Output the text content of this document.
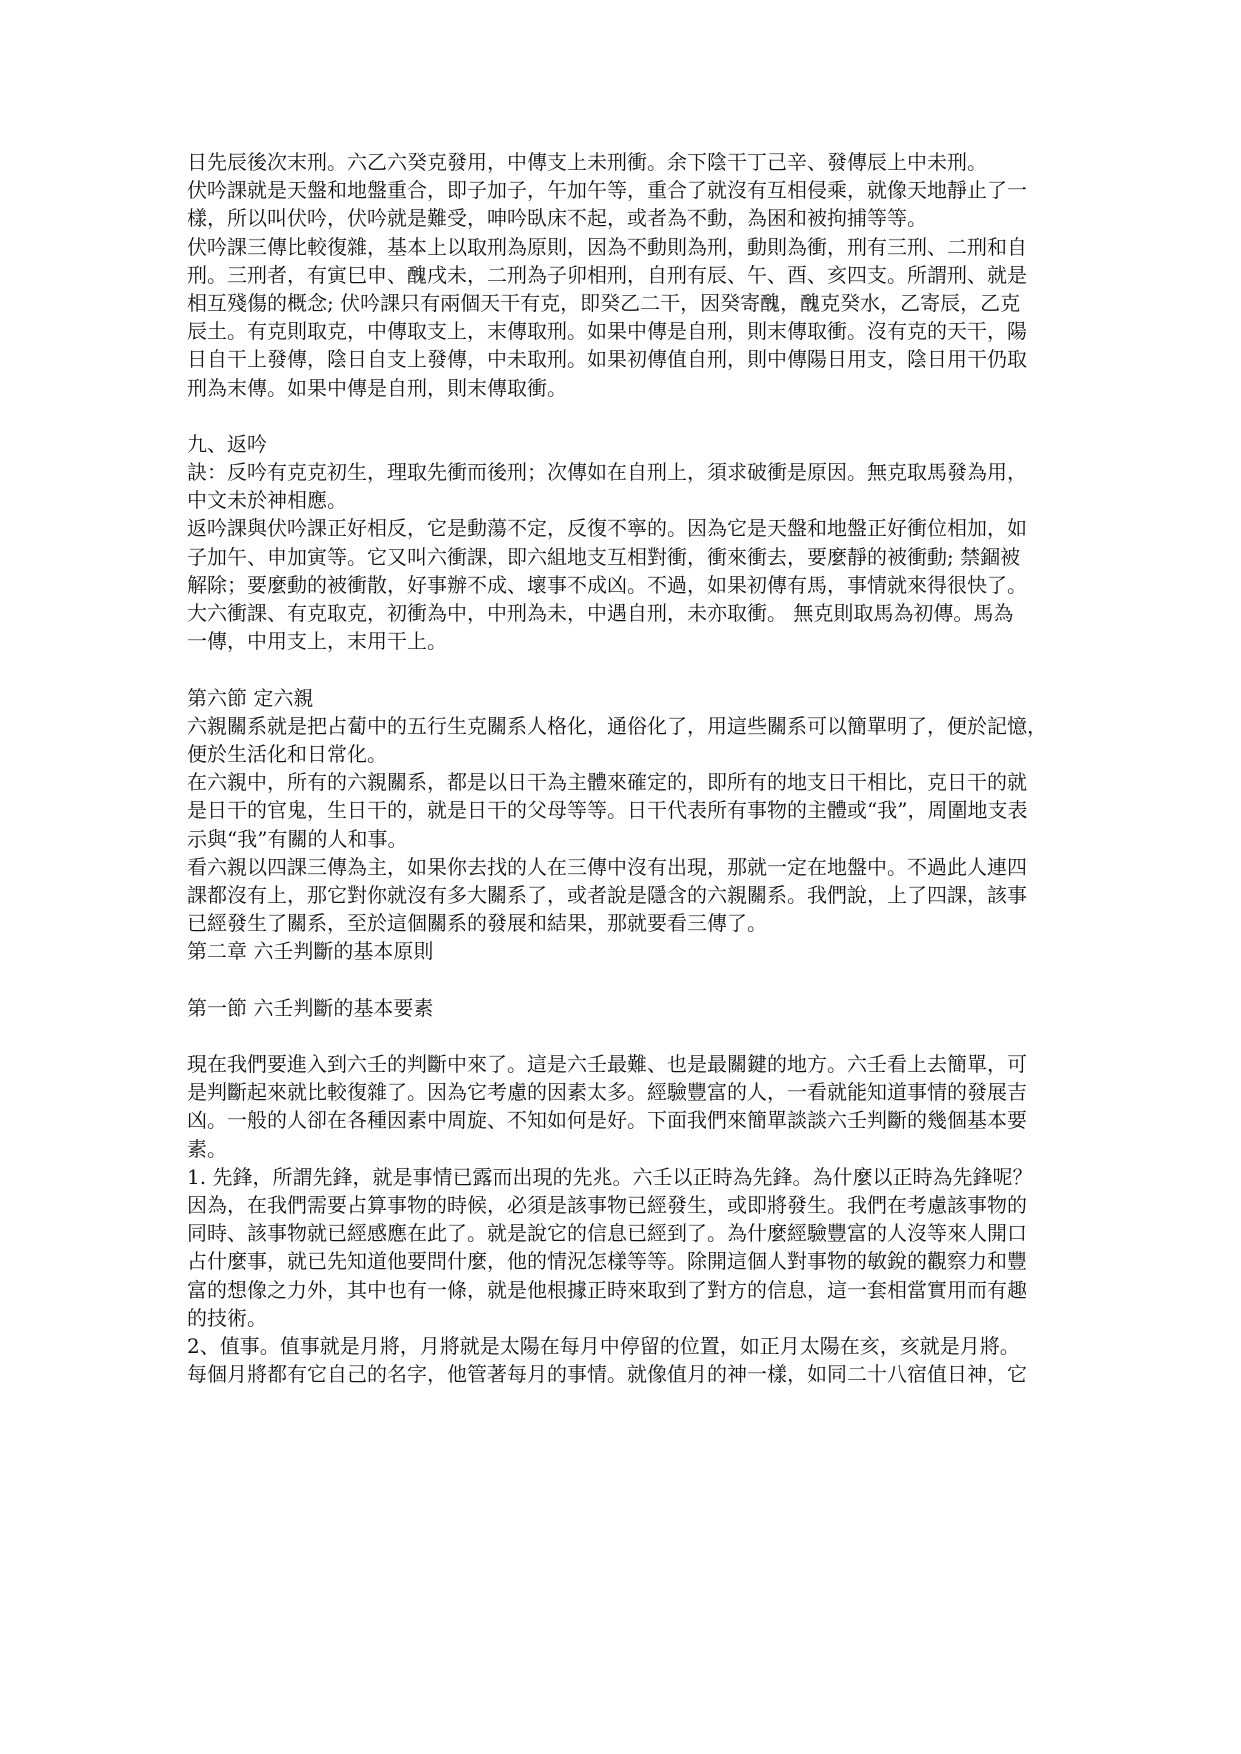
日先辰後次末刑。六乙六癸克發用，中傳支上未刑衝。余下陰干丁己辛、發傳辰上中未刑。
伏吟課就是天盤和地盤重合，即子加子，午加午等，重合了就沒有互相侵乘，就像天地靜止了一
樣，所以叫伏吟，伏吟就是難受，呻吟臥床不起，或者為不動，為困和被拘捕等等。
伏吟課三傳比較復雜，基本上以取刑為原則，因為不動則為刑，動則為衝，刑有三刑、二刑和自
刑。三刑者，有寅巳申、醜戌未，二刑為子卯相刑，自刑有辰、午、酉、亥四支。所謂刑、就是
相互殘傷的概念; 伏吟課只有兩個天干有克，即癸乙二干，因癸寄醜，醜克癸水，乙寄辰，乙克
辰土。有克則取克，中傳取支上，末傳取刑。如果中傳是自刑，則末傳取衝。沒有克的天干，陽
日自干上發傳，陰日自支上發傳，中未取刑。如果初傳值自刑，則中傳陽日用支，陰日用干仍取
刑為末傳。如果中傳是自刑，則末傳取衝。
九、返吟
訣：反吟有克克初生，理取先衝而後刑；次傳如在自刑上，須求破衝是原因。無克取馬發為用，
中文未於神相應。
返吟課與伏吟課正好相反，它是動蕩不定，反復不寧的。因為它是天盤和地盤正好衝位相加，如
子加午、申加寅等。它又叫六衝課，即六組地支互相對衝，衝來衝去，要麼靜的被衝動; 禁錮被
解除；要麼動的被衝散，好事辦不成、壞事不成凶。不過，如果初傳有馬，事情就來得很快了。
大六衝課、有克取克，初衝為中，中刑為未，中遇自刑，未亦取衝。 無克則取馬為初傳。馬為
一傳，中用支上，末用干上。
第六節 定六親
六親關系就是把占蔔中的五行生克關系人格化，通俗化了，用這些關系可以簡單明了，便於記憶，
便於生活化和日常化。
在六親中，所有的六親關系，都是以日干為主體來確定的，即所有的地支日干相比，克日干的就
是日干的官鬼，生日干的，就是日干的父母等等。日干代表所有事物的主體或“我”，周圍地支表
示與“我”有關的人和事。
看六親以四課三傳為主，如果你去找的人在三傳中沒有出現，那就一定在地盤中。不過此人連四
課都沒有上，那它對你就沒有多大關系了，或者說是隱含的六親關系。我們說，上了四課，該事
已經發生了關系，至於這個關系的發展和結果，那就要看三傳了。
第二章 六壬判斷的基本原則
第一節 六壬判斷的基本要素
現在我們要進入到六壬的判斷中來了。這是六壬最難、也是最關鍵的地方。六壬看上去簡單，可
是判斷起來就比較復雜了。因為它考慮的因素太多。經驗豐富的人，一看就能知道事情的發展吉
凶。一般的人卻在各種因素中周旋、不知如何是好。下面我們來簡單談談六壬判斷的幾個基本要
素。
1. 先鋒，所謂先鋒，就是事情已露而出現的先兆。六壬以正時為先鋒。為什麼以正時為先鋒呢？
因為，在我們需要占算事物的時候，必須是該事物已經發生，或即將發生。我們在考慮該事物的
同時、該事物就已經感應在此了。就是說它的信息已經到了。為什麼經驗豐富的人沒等來人開口
占什麼事，就已先知道他要問什麼，他的情況怎樣等等。除開這個人對事物的敏銳的觀察力和豐
富的想像之力外，其中也有一條，就是他根據正時來取到了對方的信息，這一套相當實用而有趣
的技術。
2、值事。值事就是月將，月將就是太陽在每月中停留的位置，如正月太陽在亥，亥就是月將。
每個月將都有它自己的名字，他管著每月的事情。就像值月的神一樣，如同二十八宿值日神，它
